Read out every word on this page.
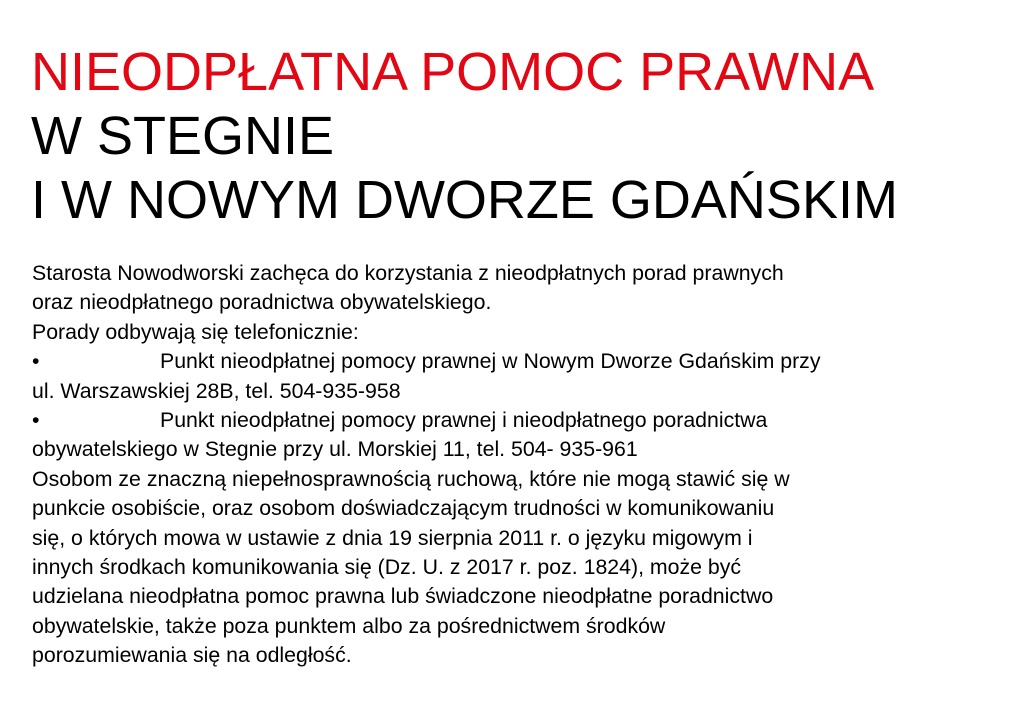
NIEODPŁATNA POMOC PRAWNA
W STEGNIE
I W NOWYM DWORZE GDAŃSKIM
Starosta Nowodworski zachęca do korzystania z nieodpłatnych porad prawnych
oraz nieodpłatnego poradnictwa obywatelskiego.
Porady odbywają się telefonicznie:
•	Punkt nieodpłatnej pomocy prawnej w Nowym Dworze Gdańskim przy
ul. Warszawskiej 28B, tel. 504-935-958
•	Punkt nieodpłatnej pomocy prawnej i nieodpłatnego poradnictwa
obywatelskiego w Stegnie przy ul. Morskiej 11, tel. 504- 935-961
Osobom ze znaczną niepełnosprawnością ruchową, które nie mogą stawić się w
punkcie osobiście, oraz osobom doświadczającym trudności w komunikowaniu
się, o których mowa w ustawie z dnia 19 sierpnia 2011 r. o języku migowym i
innych środkach komunikowania się (Dz. U. z 2017 r. poz. 1824), może być
udzielana nieodpłatna pomoc prawna lub świadczone nieodpłatne poradnictwo
obywatelskie, także poza punktem albo za pośrednictwem środków
porozumiewania się na odległość.
